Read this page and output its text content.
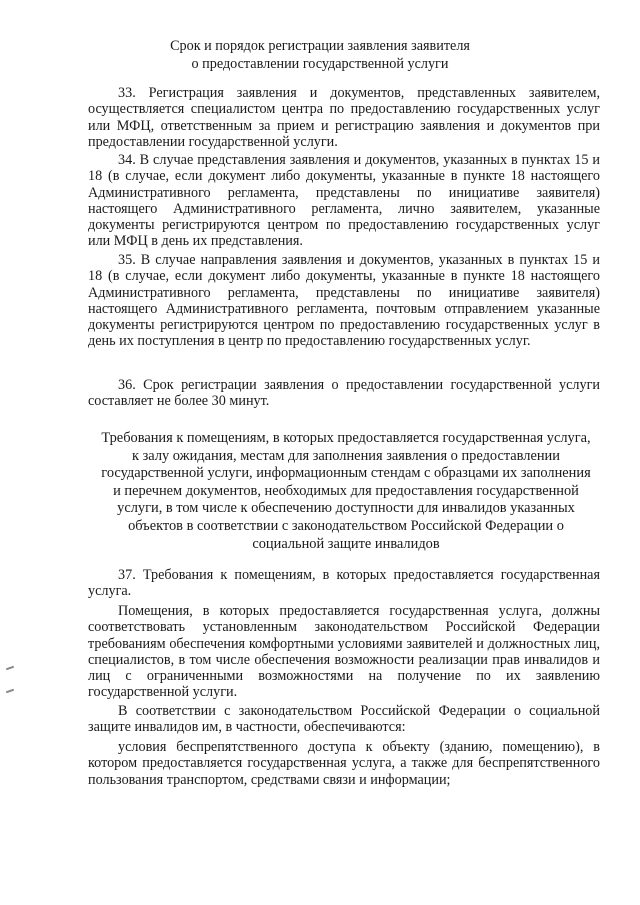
Срок и порядок регистрации заявления заявителя
о предоставлении государственной услуги

33. Регистрация заявления и документов, представленных заявителем, осуществляется специалистом центра по предоставлению государственных услуг или МФЦ, ответственным за прием и регистрацию заявления и документов при предоставлении государственной услуги.

34. В случае представления заявления и документов, указанных в пунктах 15 и 18 (в случае, если документ либо документы, указанные в пункте 18 настоящего Административного регламента, представлены по инициативе заявителя) настоящего Административного регламента, лично заявителем, указанные документы регистрируются центром по предоставлению государственных услуг или МФЦ в день их представления.

35. В случае направления заявления и документов, указанных в пунктах 15 и 18 (в случае, если документ либо документы, указанные в пункте 18 настоящего Административного регламента, представлены по инициативе заявителя) настоящего Административного регламента, почтовым отправлением указанные документы регистрируются центром по предоставлению государственных услуг в день их поступления в центр по предоставлению государственных услуг.

36. Срок регистрации заявления о предоставлении государственной услуги составляет не более 30 минут.

Требования к помещениям, в которых предоставляется государственная услуга,
к залу ожидания, местам для заполнения заявления о предоставлении
государственной услуги, информационным стендам с образцами их заполнения
и перечнем документов, необходимых для предоставления государственной
услуги, в том числе к обеспечению доступности для инвалидов указанных
объектов в соответствии с законодательством Российской Федерации о
социальной защите инвалидов

37. Требования к помещениям, в которых предоставляется государственная услуга.

Помещения, в которых предоставляется государственная услуга, должны соответствовать установленным законодательством Российской Федерации требованиям обеспечения комфортными условиями заявителей и должностных лиц, специалистов, в том числе обеспечения возможности реализации прав инвалидов и лиц с ограниченными возможностями на получение по их заявлению государственной услуги.

В соответствии с законодательством Российской Федерации о социальной защите инвалидов им, в частности, обеспечиваются:

условия беспрепятственного доступа к объекту (зданию, помещению), в котором предоставляется государственная услуга, а также для беспрепятственного пользования транспортом, средствами связи и информации;
